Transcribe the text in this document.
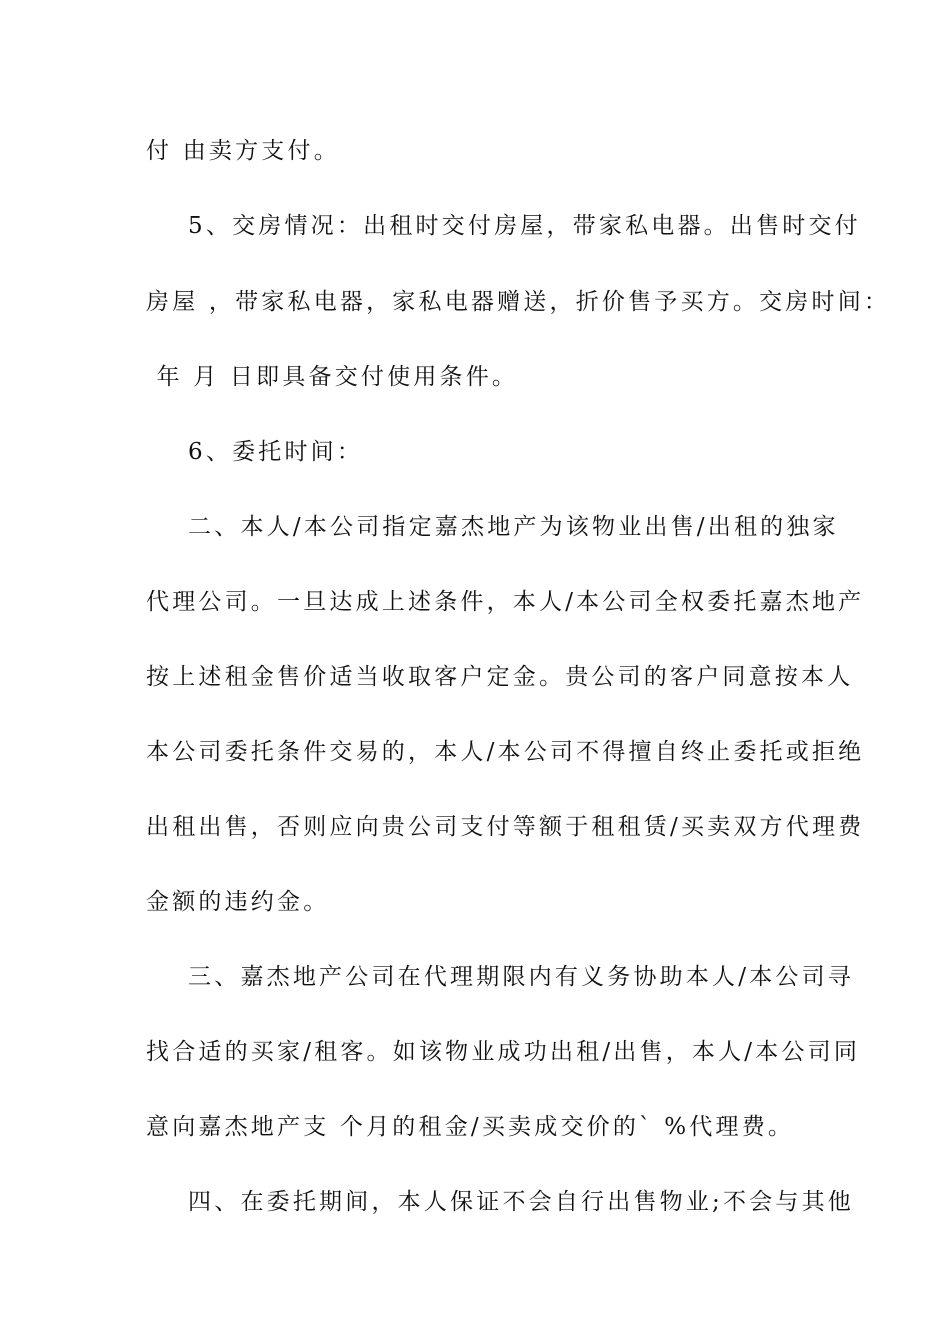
付 由卖方支付。
5、交房情况：出租时交付房屋，带家私电器。出售时交付
房屋 ，带家私电器，家私电器赠送，折价售予买方。交房时间：
年 月 日即具备交付使用条件。
6、委托时间：
二、本人/本公司指定嘉杰地产为该物业出售/出租的独家
代理公司。一旦达成上述条件，本人/本公司全权委托嘉杰地产
按上述租金售价适当收取客户定金。贵公司的客户同意按本人
本公司委托条件交易的，本人/本公司不得擅自终止委托或拒绝
出租出售，否则应向贵公司支付等额于租租赁/买卖双方代理费
金额的违约金。
三、嘉杰地产公司在代理期限内有义务协助本人/本公司寻
找合适的买家/租客。如该物业成功出租/出售，本人/本公司同
意向嘉杰地产支 个月的租金/买卖成交价的` %代理费。
四、在委托期间，本人保证不会自行出售物业;不会与其他
